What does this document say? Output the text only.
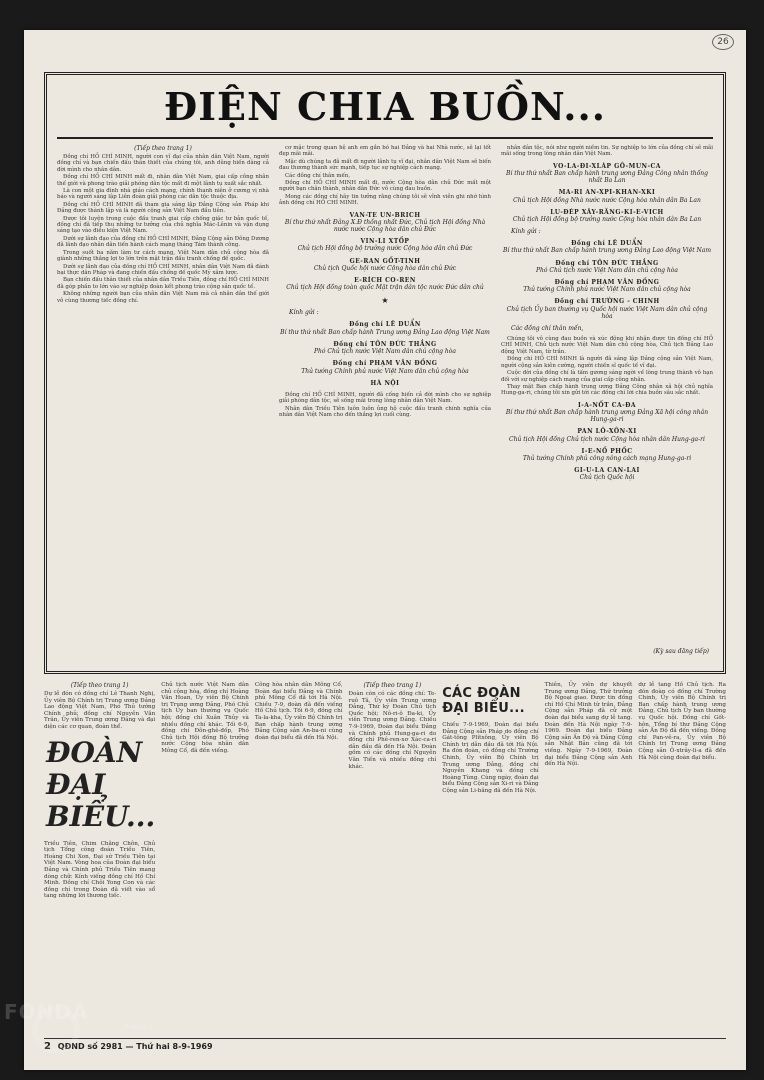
26
ĐIỆN CHIA BUỒN...
(Tiếp theo trang 1)

Đồng chí HỒ CHÍ MINH, người con vĩ đại của nhân dân Việt Nam, người đồng chí và bạn chiến đấu thân thiết của chúng tôi, anh dũng hiến dâng cả đời mình cho nhân dân.

Đồng chí HỒ CHÍ MINH mất đi, nhân dân Việt Nam, giai cấp công nhân thế giới và phong trào giải phóng dân tộc mất đi một lãnh tụ xuất sắc nhất.

Là con một gia đình nhà giáo cách mạng, chính thanh niên ở cương vị nhà báo và người sáng lập Liên đoàn giải phóng các dân tộc thuộc địa.

Đồng chí HỒ CHÍ MINH đã tham gia sáng lập Đảng Cộng sản Pháp khi Đảng được thành lập và là người cộng sản Việt Nam đầu tiên.

Được tôi luyện trong cuộc đấu tranh giai cấp chống giặc tư bản quốc tế, đồng chí đã tiếp thu những tư tưởng của chủ nghĩa Mác-Lênin và vận dụng sáng tạo vào điều kiện Việt Nam.

Dưới sự lãnh đạo của đồng chí HỒ CHÍ MINH, Đảng Cộng sản Đông Dương đã lãnh đạo nhân dân tiến hành cách mạng tháng Tám thành công.

Trong suốt ba năm làm tư cách mạng, Việt Nam dân chủ cộng hòa đã giành những thắng lợi to lớn trên mặt trận đấu tranh chống đế quốc.

Dưới sự lãnh đạo của đồng chí HỒ CHÍ MINH, nhân dân Việt Nam đã đánh bại thực dân Pháp và đang chiến đấu chống đế quốc Mỹ xâm lược.

Bạn chiến đấu thân thiết của nhân dân Triều Tiên, đồng chí HỒ CHÍ MINH đã góp phần to lớn vào sự nghiệp đoàn kết phong trào cộng sản quốc tế.

Không những người bạn của nhân dân Việt Nam mà cả nhân dân thế giới vô cùng thương tiếc đồng chí.

cơ mặc trong quan hệ anh em gắn bó hai Đảng và hai Nhà nước, sẽ lại tốt đẹp mãi mãi.

Mặc dù chúng ta đã mất đi người lãnh tụ vĩ đại, nhân dân Việt Nam sẽ biến đau thương thành sức mạnh, tiếp tục sự nghiệp cách mạng.

Các đồng chí thân mến,

Đồng chí HỒ CHÍ MINH mất đi, nước Cộng hòa dân chủ Đức mất một người bạn chân thành, nhân dân Đức vô cùng đau buồn.

Mong các đồng chí hãy tin tưởng rằng chúng tôi sẽ vĩnh viễn ghi nhớ hình ảnh đồng chí HỒ CHÍ MINH.

VAN-TE UN-BRICH
Bí thư thứ nhất Đảng X.Đ thống nhất Đức, Chủ tịch Hội đồng Nhà nước nước Cộng hòa dân chủ Đức
VIN-LI XTỐP
Chủ tịch Hội đồng bộ trưởng nước Cộng hòa dân chủ Đức
GE-RAN GỐT-TINH
Chủ tịch Quốc hội nước Cộng hòa dân chủ Đức
E-RÍCH CO-REN
Chủ tịch Hội đồng toàn quốc Mặt trận dân tộc nước Đức dân chủ
★
Kính gửi :
Đồng chí LÊ DUẨN
Bí thư thứ nhất Ban chấp hành Trung ương Đảng Lao động Việt Nam
Đồng chí TÔN ĐỨC THẮNG
Phó Chủ tịch nước Việt Nam dân chủ cộng hòa
Đồng chí PHẠM VĂN ĐỒNG
Thủ tướng Chính phủ nước Việt Nam dân chủ cộng hòa
HÀ NỘI

Đồng chí HỒ CHÍ MINH, người đã cống hiến cả đời mình cho sự nghiệp giải phóng dân tộc, sẽ sống mãi trong lòng nhân dân Việt Nam.

Nhân dân Triều Tiên luôn luôn ủng hộ cuộc đấu tranh chính nghĩa của nhân dân Việt Nam cho đến thắng lợi cuối cùng.

nhân dân tộc, nói như người niềm tin. Sự nghiệp to lớn của đồng chí sẽ mãi mãi sống trong lòng nhân dân Việt Nam.

VO-LA-ĐI-XLÁP GÔ-MUN-CA
Bí thư thứ nhất Ban chấp hành trung ương Đảng Công nhân thống nhất Ba Lan
MA-RI AN-XPI-KHAN-XKI
Chủ tịch Hội đồng Nhà nước nước Cộng hòa nhân dân Ba Lan
LU-ĐÉP XÂY-RĂNG-KI-E-VICH
Chủ tịch Hội đồng bộ trưởng nước Cộng hòa nhân dân Ba Lan
Kính gửi :
Đồng chí LÊ DUẨN
Bí thư thứ nhất Ban chấp hành trung ương Đảng Lao động Việt Nam
Đồng chí TÔN ĐỨC THẮNG
Phó Chủ tịch nước Việt Nam dân chủ cộng hòa
Đồng chí PHẠM VĂN ĐỒNG
Thủ tướng Chính phủ nước Việt Nam dân chủ cộng hòa
Đồng chí TRƯỜNG - CHINH
Chủ tịch Ủy ban thường vụ Quốc hội nước Việt Nam dân chủ cộng hòa
Các đồng chí thân mến,

Chúng tôi vô cùng đau buồn và xúc động khi nhận được tin đồng chí HỒ CHÍ MINH, Chủ tịch nước Việt Nam dân chủ cộng hòa, Chủ tịch Đảng Lao động Việt Nam, từ trần.

Đồng chí HỒ CHÍ MINH là người đã sáng lập Đảng cộng sản Việt Nam, người cộng sản kiên cường, người chiến sĩ quốc tế vĩ đại.

Cuộc đời của đồng chí là tấm gương sáng ngời về lòng trung thành vô hạn đối với sự nghiệp cách mạng của giai cấp công nhân.

Thay mặt Ban chấp hành trung ương Đảng Công nhân xã hội chủ nghĩa Hung-ga-ri, chúng tôi xin gửi tới các đồng chí lời chia buồn sâu sắc nhất.

I-A-NỐT CA-ĐA
Bí thư thứ nhất Ban chấp hành trung ương Đảng Xã hội công nhân Hung-ga-ri
PAN LÔ-XÔN-XI
Chủ tịch Hội đồng Chủ tịch nước Cộng hòa nhân dân Hung-ga-ri
I-E-NỐ PHỐC
Thủ tướng Chính phủ công nông cách mạng Hung-ga-ri
GI-U-LA CAN-LAI
Chủ tịch Quốc hội
(Kỳ sau đăng tiếp)
(Tiếp theo trang 1)
Dự lễ đón có đồng chí Lê Thanh Nghị, Ủy viên Bộ Chính trị Trung ương Đảng Lao động Việt Nam, Phó Thủ tướng Chính phủ; đồng chí Nguyễn Văn Trân, Ủy viên Trung ương Đảng và đại diện các cơ quan, đoàn thể.
ĐOÀN ĐẠI BIỂU...
Triều Tiên, Chim Chăng Chôn, Chủ tịch Tổng công đoàn Triều Tiên, Hoàng Chi Xon, Đại sứ Triều Tiên tại Việt Nam. Vòng hoa của Đoàn đại biểu Đảng và Chính phủ Triều Tiên mang dòng chữ: Kính viếng đồng chí Hồ Chí Minh. Đồng chí Chôi Yong Con và các đồng chí trong Đoàn đã viết vào sổ tang những lời thương tiếc.
Chủ tịch nước Việt Nam dân chủ cộng hòa, đồng chí Hoàng Văn Hoan, Ủy viên Bộ Chính trị Trung ương Đảng, Phó Chủ tịch Ủy ban thường vụ Quốc hội; đồng chí Xuân Thủy và nhiều đồng chí khác. Tối 6-9, đồng chí Đôn-ghê-đốp, Phó Chủ tịch Hội đồng Bộ trưởng nước Cộng hòa nhân dân Mông Cổ, đã đến viếng.
Công hòa nhân dân Mông Cổ, Đoàn đại biểu Đảng và Chính phủ Mông Cổ đã tới Hà Nội. Chiều 7-9, đoàn đã đến viếng Hồ Chủ tịch. Tối 6-9, đồng chí Ta-la-kha, Ủy viên Bộ Chính trị Ban chấp hành trung ương Đảng Cộng sản An-ba-ni cùng đoàn đại biểu đã đến Hà Nội.
(Tiếp theo trang 1)
Đoàn còn có các đồng chí: Te-ruô Tâ, Ủy viên Trung ương Đảng, Thứ ký Đoàn Chủ tịch Quốc hội; Nô-ri-ô Đa-ki, Ủy viên Trung ương Đảng. Chiều 7-9-1969, Đoàn đại biểu Đảng và Chính phủ Hung-ga-ri do đồng chí Phê-ren-xơ Xác-ca-ri dẫn đầu đã đến Hà Nội. Đoàn gồm có các đồng chí Nguyễn Văn Tiến và nhiều đồng chí khác.
CÁC ĐOÀN ĐẠI BIỂU...
Chiều 7-9-1969, Đoàn đại biểu Đảng Cộng sản Pháp do đồng chí Gát-tông Plítxông, Ủy viên Bộ Chính trị dẫn đầu đã tới Hà Nội. Ra đón đoàn, có đồng chí Trường Chinh, Ủy viên Bộ Chính trị Trung ương Đảng, đồng chí Nguyễn Khang và đồng chí Hoàng Tùng. Cùng ngày, đoàn đại biểu Đảng Cộng sản Xi-ri và Đảng Cộng sản Li-băng đã đến Hà Nội.
Thiên, Ủy viên dự khuyết Trung ương Đảng, Thứ trưởng Bộ Ngoại giao. Được tin đồng chí Hồ Chí Minh từ trần, Đảng Cộng sản Pháp đã cử một đoàn đại biểu sang dự lễ tang. Đoàn đến Hà Nội ngày 7-9-1969. Đoàn đại biểu Đảng Cộng sản Ấn Độ và Đảng Cộng sản Nhật Bản cũng đã tới viếng. Ngày 7-9-1969, Đoàn đại biểu Đảng Cộng sản Anh đến Hà Nội.
dự lễ tang Hồ Chủ tịch. Ra đón đoàn có đồng chí Trường Chinh, Ủy viên Bộ Chính trị Ban chấp hành trung ương Đảng, Chủ tịch Ủy ban thường vụ Quốc hội. Đồng chí Gốt-hôn, Tổng bí thư Đảng Cộng sản Ấn Độ đã đến viếng. Đồng chí Pan-vê-ra, Ủy viên Bộ Chính trị Trung ương Đảng Cộng sản Ô-xtrây-li-a đã đến Hà Nội cùng đoàn đại biểu.
2 QĐND số 2981 — Thứ hai 8-9-1969
FONDA
onlus
